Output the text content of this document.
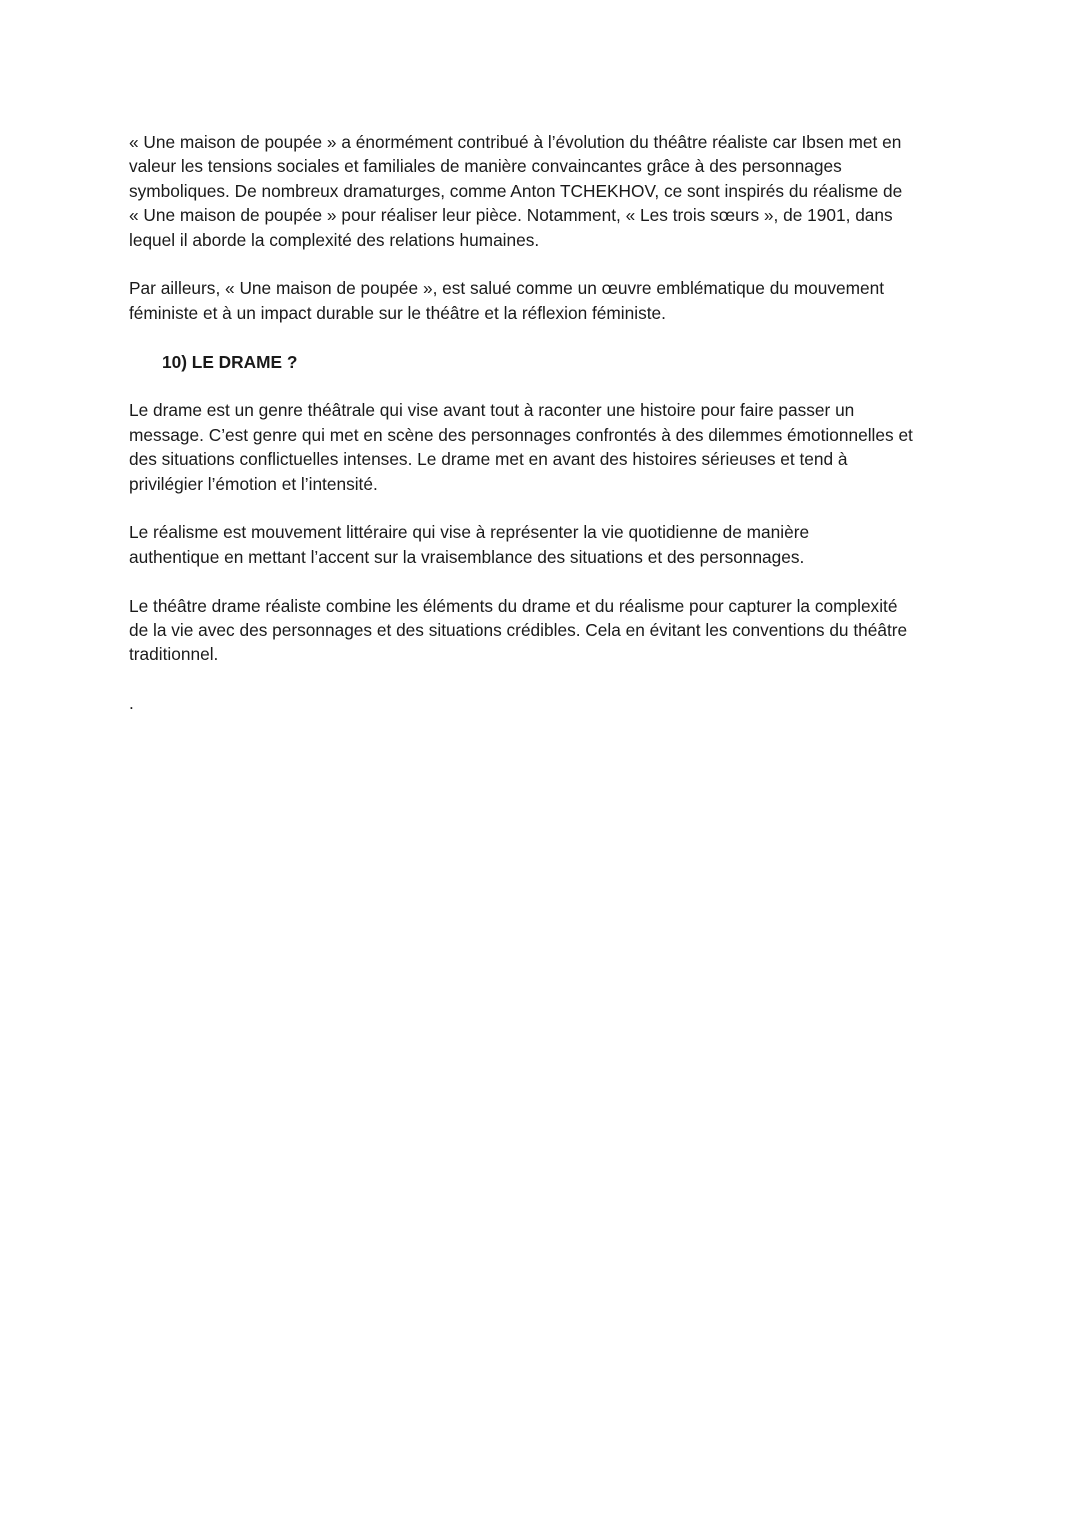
« Une maison de poupée » a énormément contribué à l’évolution du théâtre réaliste car Ibsen met en
valeur les tensions sociales et familiales de manière convaincantes grâce à des personnages
symboliques. De nombreux dramaturges, comme Anton TCHEKHOV, ce sont inspirés du réalisme de
« Une maison de poupée » pour réaliser leur pièce. Notamment, « Les trois sœurs », de 1901, dans
lequel il aborde la complexité des relations humaines.

Par ailleurs, « Une maison de poupée », est salué comme un œuvre emblématique du mouvement
féministe et à un impact durable sur le théâtre et la réflexion féministe.

10) LE DRAME ?

Le drame est un genre théâtrale qui vise avant tout à raconter une histoire pour faire passer un
message. C’est genre qui met en scène des personnages confrontés à des dilemmes émotionnelles et
des situations conflictuelles intenses. Le drame met en avant des histoires sérieuses et tend à
privilégier l’émotion et l’intensité.

Le réalisme est mouvement littéraire qui vise à représenter la vie quotidienne de manière
authentique en mettant l’accent sur la vraisemblance des situations et des personnages.

Le théâtre drame réaliste combine les éléments du drame et du réalisme pour capturer la complexité
de la vie avec des personnages et des situations crédibles. Cela en évitant les conventions du théâtre
traditionnel.

.
